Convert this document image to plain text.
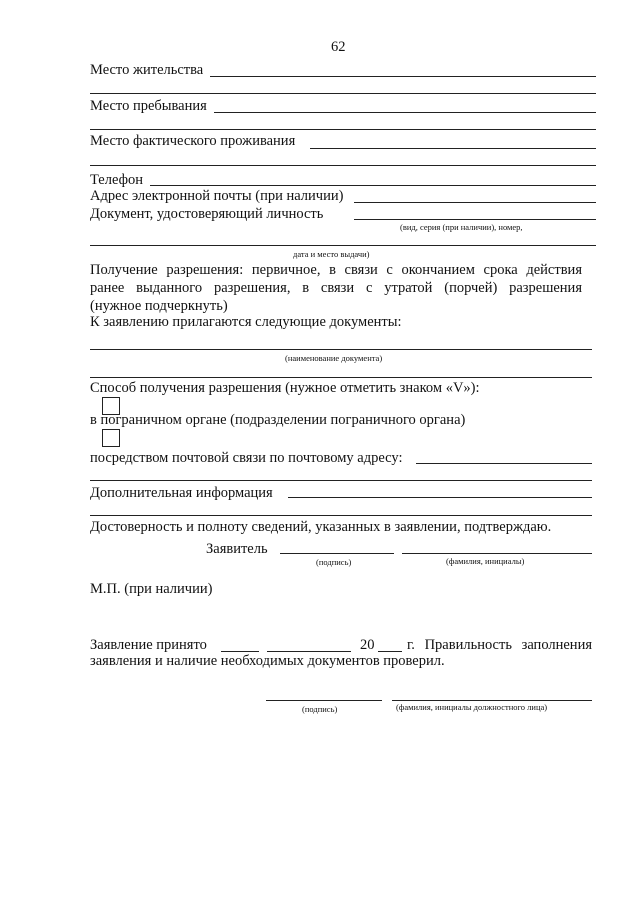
62
Место жительства
Место пребывания
Место фактического проживания
Телефон
Адрес электронной почты (при наличии)
Документ, удостоверяющий личность
(вид, серия (при наличии), номер,
дата и место выдачи)
Получение разрешения: первичное, в связи с окончанием срока действия
ранее выданного разрешения, в связи с утратой (порчей) разрешения
(нужное подчеркнуть)
К заявлению прилагаются следующие документы:
(наименование документа)
Способ получения разрешения (нужное отметить знаком «V»):
в пограничном органе (подразделении пограничного органа)
посредством почтовой связи по почтовому адресу:
Дополнительная информация
Достоверность и полноту сведений, указанных в заявлении, подтверждаю.
Заявитель
(подпись)	(фамилия, инициалы)
М.П. (при наличии)
Заявление принято	20 г. Правильность заполнения
заявления и наличие необходимых документов проверил.
(подпись)	(фамилия, инициалы должностного лица)
